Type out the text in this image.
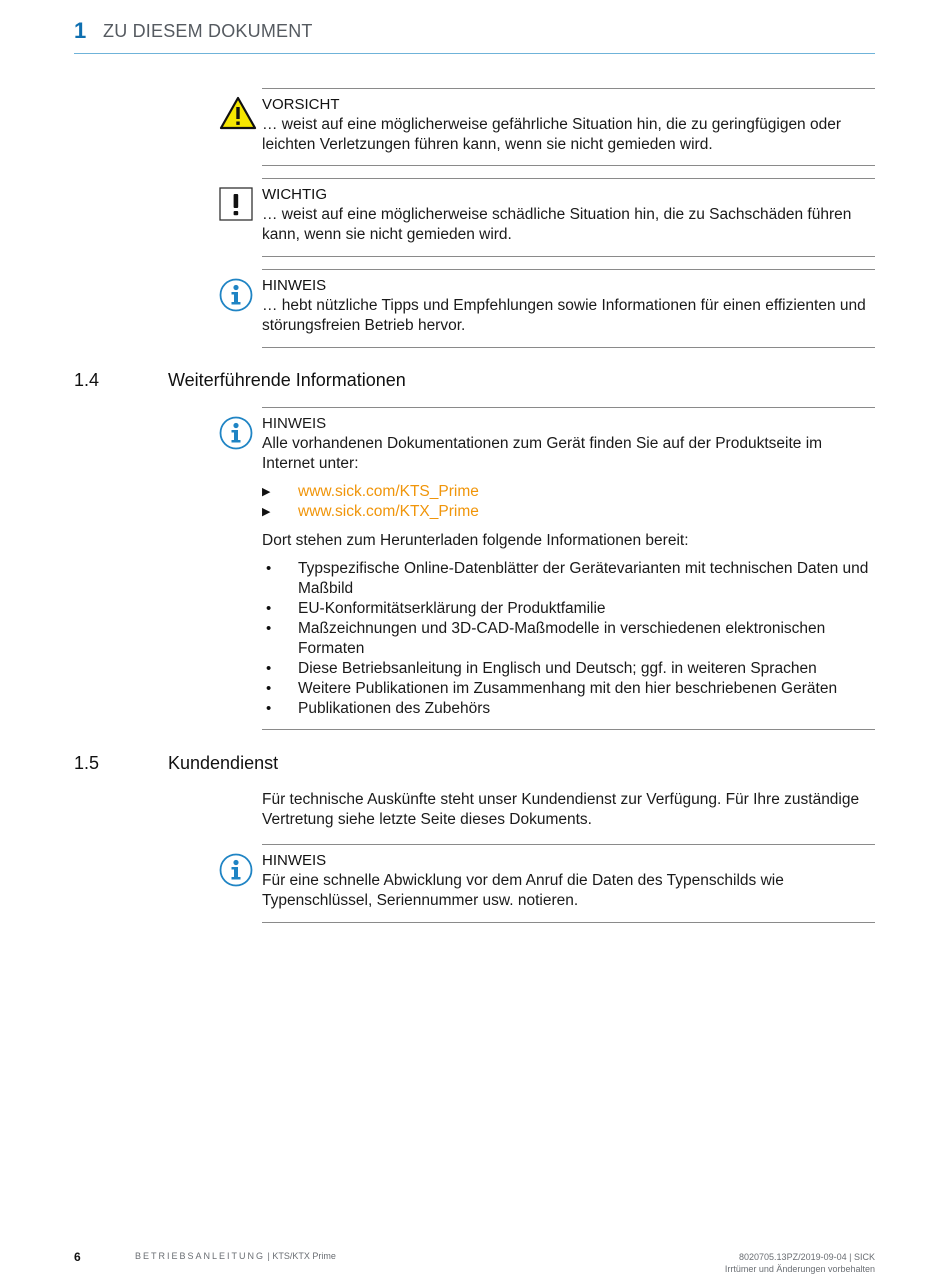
1 ZU DIESEM DOKUMENT
VORSICHT
… weist auf eine möglicherweise gefährliche Situation hin, die zu geringfügigen oder leichten Verletzungen führen kann, wenn sie nicht gemieden wird.
WICHTIG
… weist auf eine möglicherweise schädliche Situation hin, die zu Sachschäden führen kann, wenn sie nicht gemieden wird.
HINWEIS
… hebt nützliche Tipps und Empfehlungen sowie Informationen für einen effizienten und störungsfreien Betrieb hervor.
1.4	Weiterführende Informationen
HINWEIS
Alle vorhandenen Dokumentationen zum Gerät finden Sie auf der Produktseite im Internet unter:
▶ www.sick.com/KTS_Prime
▶ www.sick.com/KTX_Prime
Dort stehen zum Herunterladen folgende Informationen bereit:
• Typspezifische Online-Datenblätter der Gerätevarianten mit technischen Daten und Maßbild
• EU-Konformitätserklärung der Produktfamilie
• Maßzeichnungen und 3D-CAD-Maßmodelle in verschiedenen elektronischen Formaten
• Diese Betriebsanleitung in Englisch und Deutsch; ggf. in weiteren Sprachen
• Weitere Publikationen im Zusammenhang mit den hier beschriebenen Geräten
• Publikationen des Zubehörs
1.5	Kundendienst
Für technische Auskünfte steht unser Kundendienst zur Verfügung. Für Ihre zuständige Vertretung siehe letzte Seite dieses Dokuments.
HINWEIS
Für eine schnelle Abwicklung vor dem Anruf die Daten des Typenschilds wie Typenschlüssel, Seriennummer usw. notieren.
6	BETRIEBSANLEITUNG | KTS/KTX Prime	8020705.13PZ/2019-09-04 | SICK
Irrtümer und Änderungen vorbehalten
